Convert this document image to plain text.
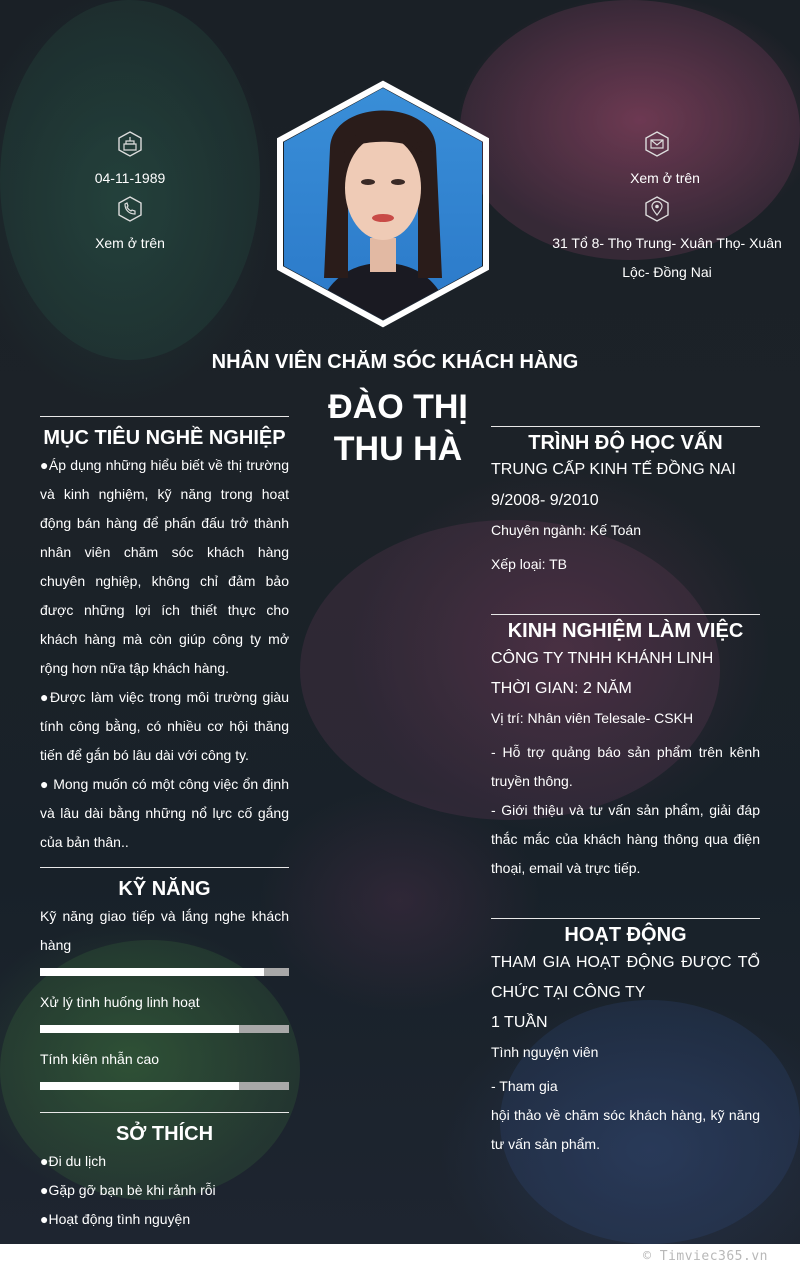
04-11-1989
Xem ở trên
Xem ở trên
31 Tổ 8- Thọ Trung- Xuân Thọ- Xuân Lộc- Đồng Nai
NHÂN VIÊN CHĂM SÓC KHÁCH HÀNG
ĐÀO THỊ
THU HÀ
MỤC TIÊU NGHỀ NGHIỆP
●Áp dụng những hiểu biết về thị trường và kinh nghiệm, kỹ năng trong hoạt động bán hàng để phấn đấu trở thành nhân viên chăm sóc khách hàng chuyên nghiệp, không chỉ đảm bảo được những lợi ích thiết thực cho khách hàng mà còn giúp công ty mở rộng hơn nữa tập khách hàng.
●Được làm việc trong môi trường giàu tính công bằng, có nhiều cơ hội thăng tiến để gắn bó lâu dài với công ty.
● Mong muốn có một công việc ổn định và lâu dài bằng những nổ lực cố gắng của bản thân..
KỸ NĂNG
Kỹ năng giao tiếp và lắng nghe khách hàng
Xử lý tình huống linh hoạt
Tính kiên nhẫn cao
SỞ THÍCH
●Đi du lịch
●Gặp gỡ bạn bè khi rảnh rỗi
●Hoạt động tình nguyện
TRÌNH ĐỘ HỌC VẤN
TRUNG CẤP KINH TẾ ĐỒNG NAI
9/2008- 9/2010
Chuyên ngành: Kế Toán
Xếp loại: TB
KINH NGHIỆM LÀM VIỆC
CÔNG TY TNHH KHÁNH LINH
THỜI GIAN: 2 NĂM
Vị trí: Nhân viên Telesale- CSKH
- Hỗ trợ quảng báo sản phẩm trên kênh truyền thông.
- Giới thiệu và tư vấn sản phẩm, giải đáp thắc mắc của khách hàng thông qua điện thoại, email và trực tiếp.
HOẠT ĐỘNG
THAM GIA HOẠT ĐỘNG ĐƯỢC TỔ CHỨC TẠI CÔNG TY
1 TUẦN
Tình nguyện viên
- Tham gia
hội thảo về chăm sóc khách hàng, kỹ năng tư vấn sản phẩm.
© Timviec365.vn
